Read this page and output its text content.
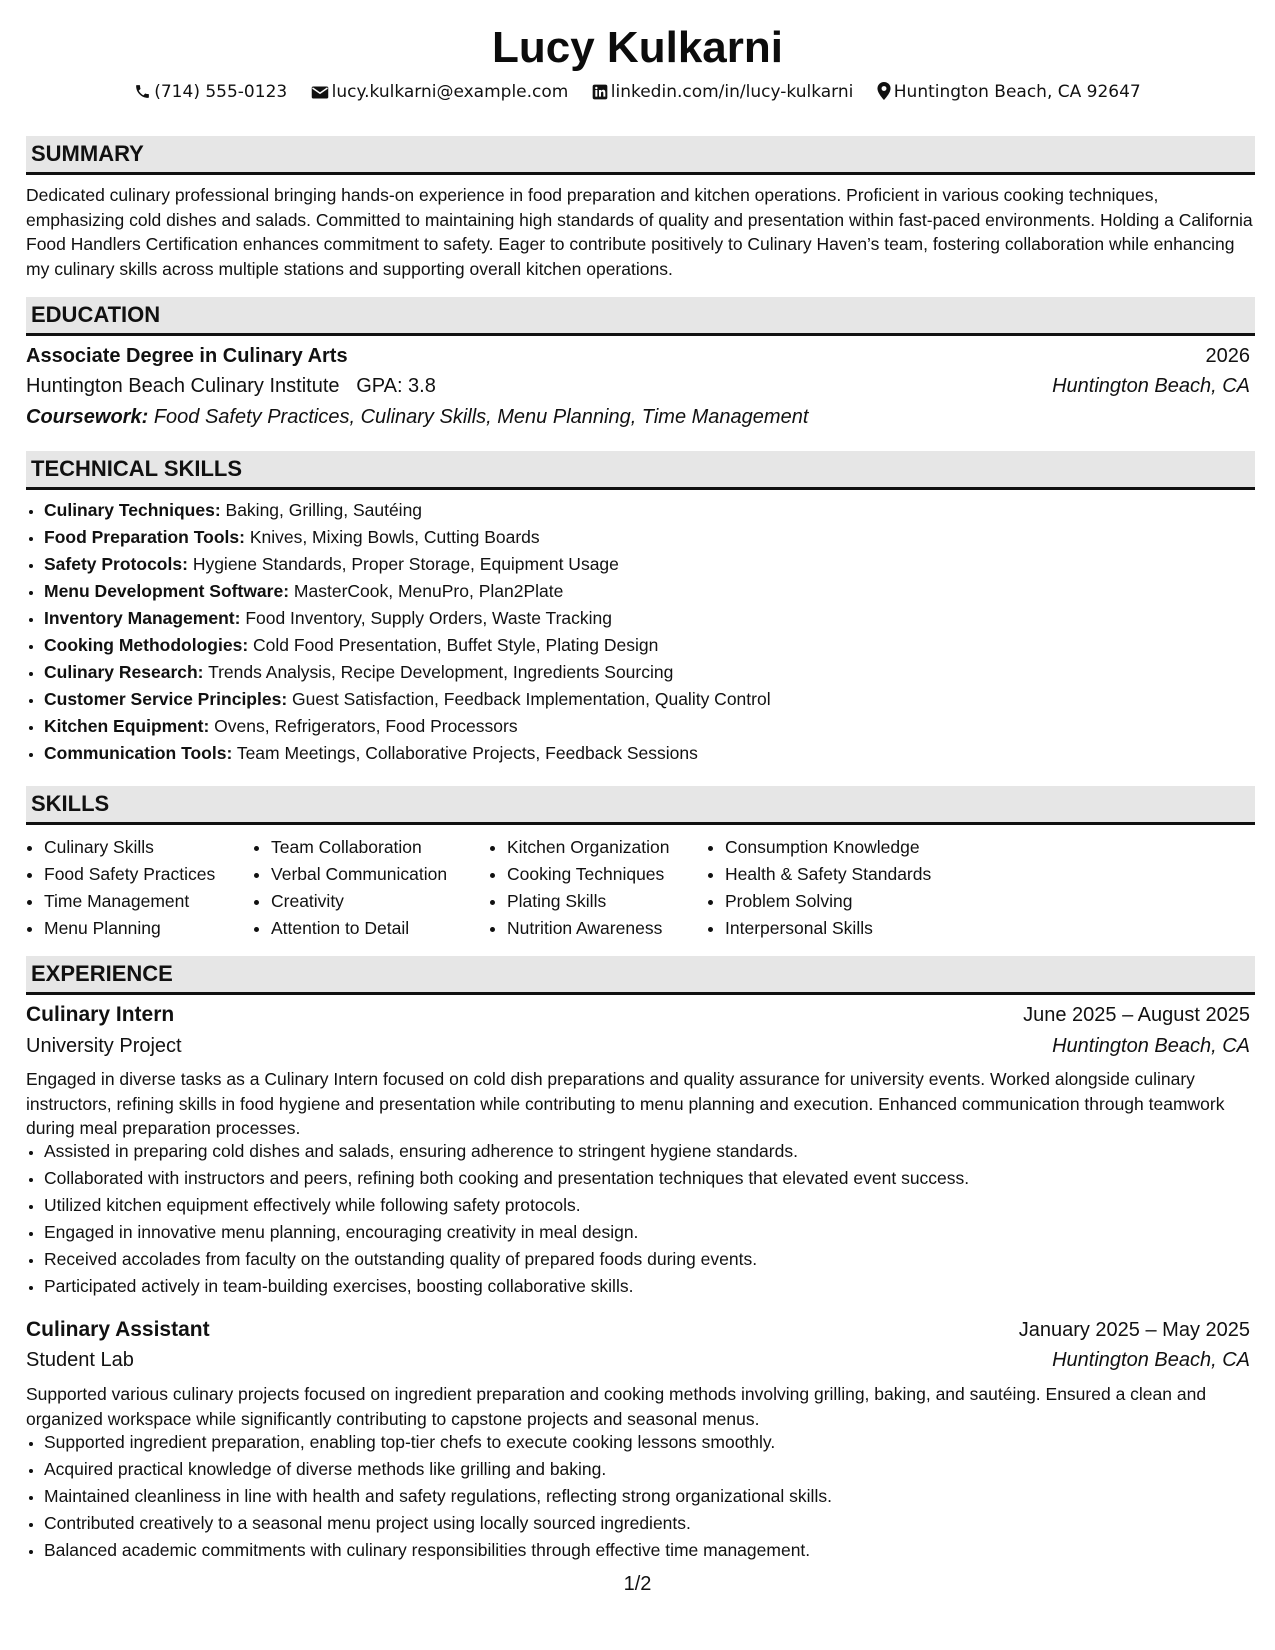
Lucy Kulkarni
(714) 555-0123	lucy.kulkarni@example.com linkedin.com/in/lucy-kulkarni Huntington Beach, CA 92647
SUMMARY
Dedicated culinary professional bringing hands-on experience in food preparation and kitchen operations. Proficient in various cooking techniques, emphasizing cold dishes and salads. Committed to maintaining high standards of quality and presentation within fast-paced environments. Holding a California Food Handlers Certification enhances commitment to safety. Eager to contribute positively to Culinary Haven’s team, fostering collaboration while enhancing my culinary skills across multiple stations and supporting overall kitchen operations.
EDUCATION
Associate Degree in Culinary Arts	2026
Huntington Beach Culinary Institute GPA: 3.8	Huntington Beach, CA
Coursework: Food Safety Practices, Culinary Skills, Menu Planning, Time Management
TECHNICAL SKILLS
• Culinary Techniques: Baking, Grilling, Sautéing
• Food Preparation Tools: Knives, Mixing Bowls, Cutting Boards
• Safety Protocols: Hygiene Standards, Proper Storage, Equipment Usage
• Menu Development Software: MasterCook, MenuPro, Plan2Plate
• Inventory Management: Food Inventory, Supply Orders, Waste Tracking
• Cooking Methodologies: Cold Food Presentation, Buffet Style, Plating Design
• Culinary Research: Trends Analysis, Recipe Development, Ingredients Sourcing
• Customer Service Principles: Guest Satisfaction, Feedback Implementation, Quality Control
• Kitchen Equipment: Ovens, Refrigerators, Food Processors
• Communication Tools: Team Meetings, Collaborative Projects, Feedback Sessions
SKILLS
• Culinary Skills
• Food Safety Practices
• Time Management
• Menu Planning
• Team Collaboration
• Verbal Communication
• Creativity
• Attention to Detail
• Kitchen Organization
• Cooking Techniques
• Plating Skills
• Nutrition Awareness
• Consumption Knowledge
• Health & Safety Standards
• Problem Solving
• Interpersonal Skills
EXPERIENCE
Culinary Intern	June 2025 – August 2025
University Project	Huntington Beach, CA
Engaged in diverse tasks as a Culinary Intern focused on cold dish preparations and quality assurance for university events. Worked alongside culinary instructors, refining skills in food hygiene and presentation while contributing to menu planning and execution. Enhanced communication through teamwork during meal preparation processes.
• Assisted in preparing cold dishes and salads, ensuring adherence to stringent hygiene standards.
• Collaborated with instructors and peers, refining both cooking and presentation techniques that elevated event success.
• Utilized kitchen equipment effectively while following safety protocols.
• Engaged in innovative menu planning, encouraging creativity in meal design.
• Received accolades from faculty on the outstanding quality of prepared foods during events.
• Participated actively in team-building exercises, boosting collaborative skills.
Culinary Assistant	January 2025 – May 2025
Student Lab	Huntington Beach, CA
Supported various culinary projects focused on ingredient preparation and cooking methods involving grilling, baking, and sautéing. Ensured a clean and organized workspace while significantly contributing to capstone projects and seasonal menus.
• Supported ingredient preparation, enabling top-tier chefs to execute cooking lessons smoothly.
• Acquired practical knowledge of diverse methods like grilling and baking.
• Maintained cleanliness in line with health and safety regulations, reflecting strong organizational skills.
• Contributed creatively to a seasonal menu project using locally sourced ingredients.
• Balanced academic commitments with culinary responsibilities through effective time management.
1/2
